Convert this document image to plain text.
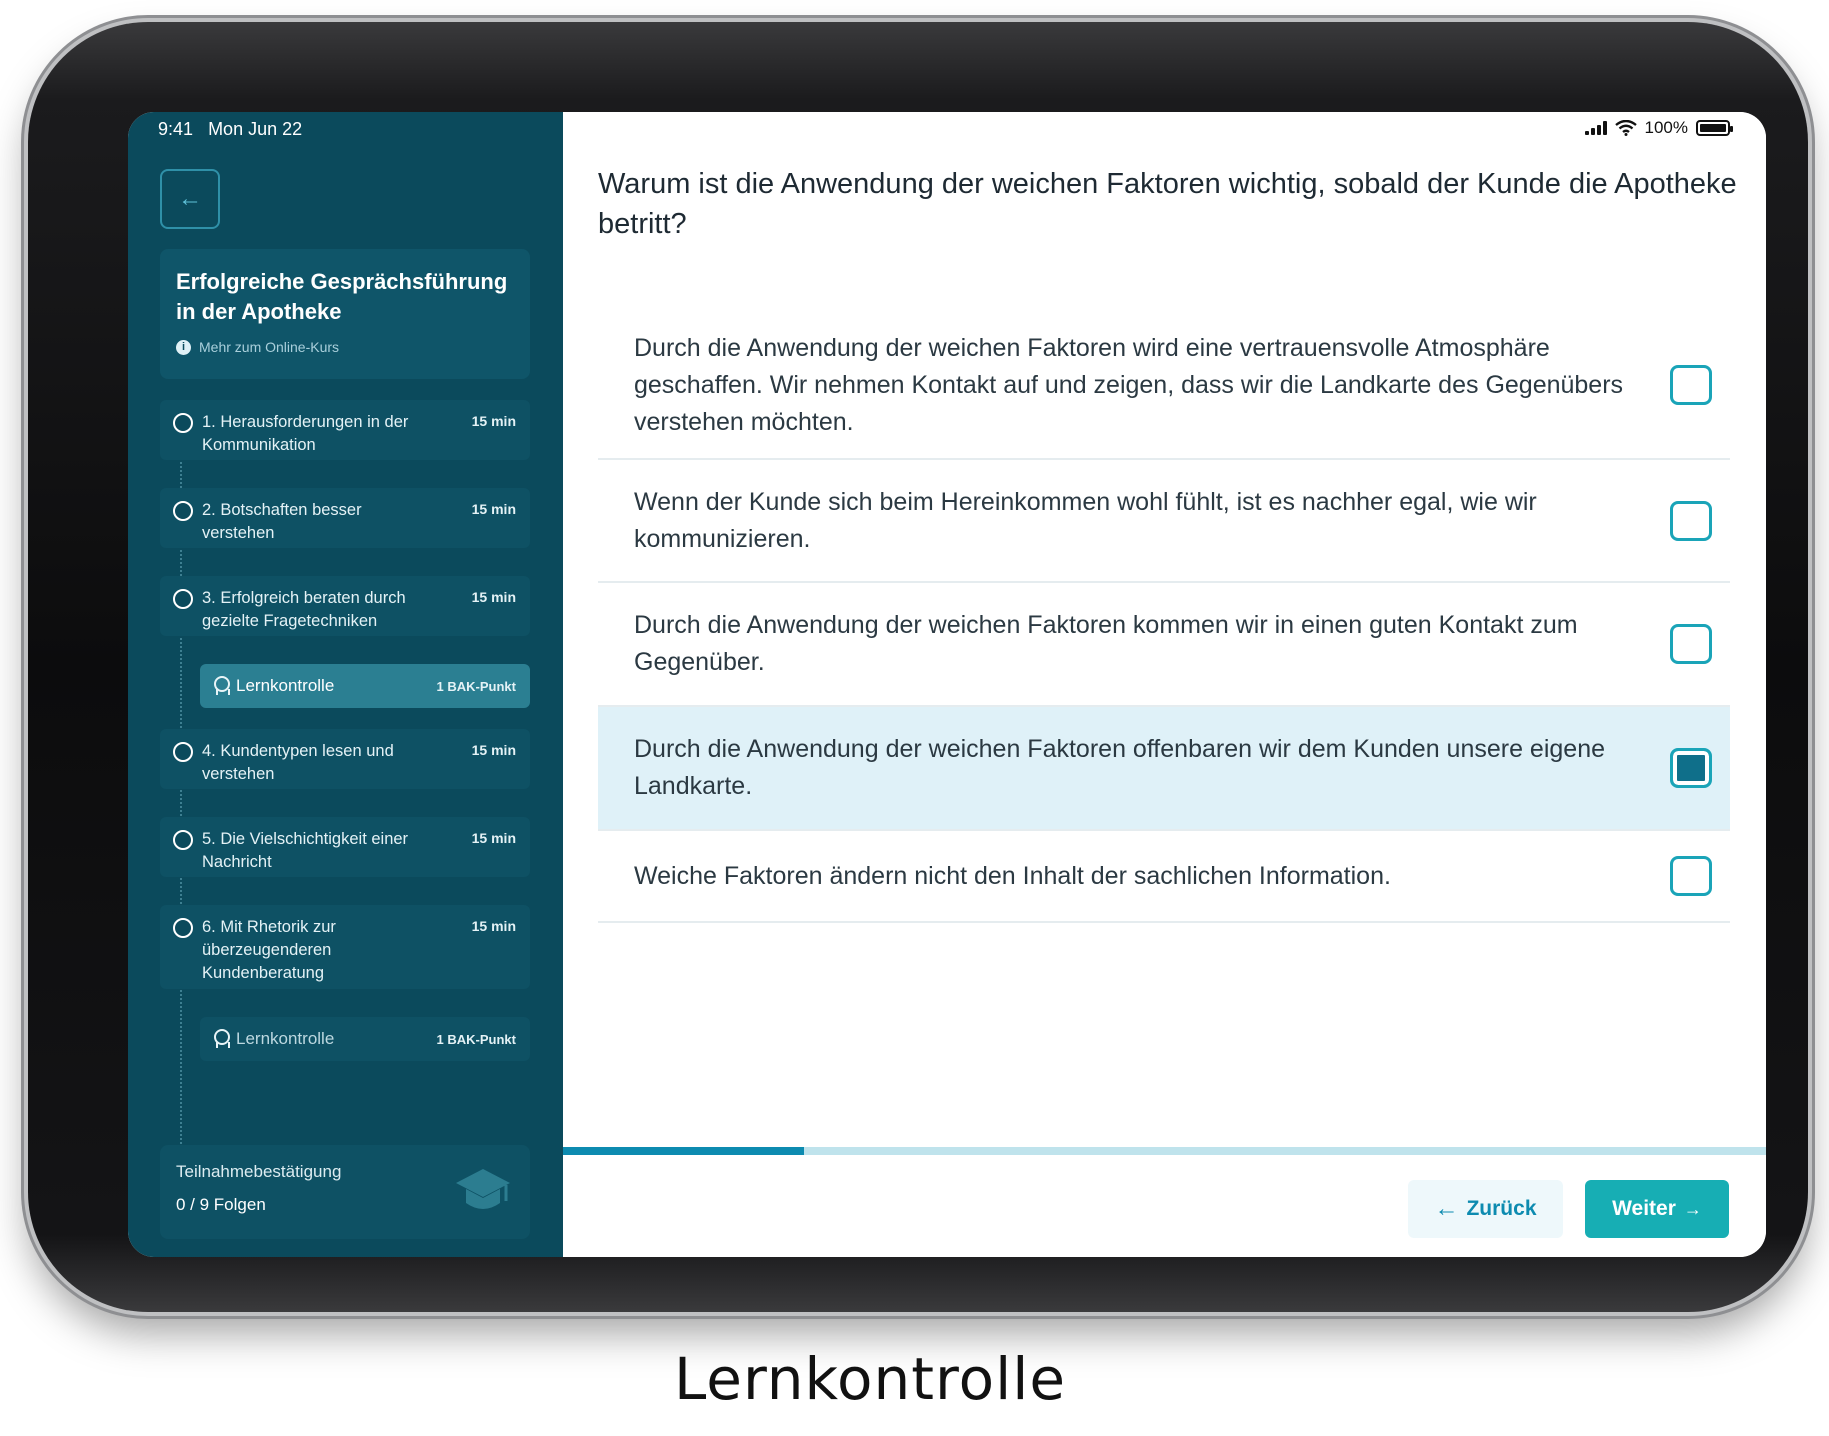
9:41 Mon Jun 22	100%
←
Erfolgreiche Gesprächsführung in der Apotheke
i Mehr zum Online-Kurs
1. Herausforderungen in der Kommunikation
15 min
2. Botschaften besser verstehen
15 min
3. Erfolgreich beraten durch gezielte Fragetechniken
15 min
Lernkontrolle	1 BAK-Punkt
4. Kundentypen lesen und verstehen
15 min
5. Die Vielschichtigkeit einer Nachricht
15 min
6. Mit Rhetorik zur überzeugenderen Kundenberatung
15 min
Lernkontrolle	1 BAK-Punkt
Teilnahmebestätigung
0 / 9 Folgen
Warum ist die Anwendung der weichen Faktoren wichtig, sobald der Kunde die Apotheke betritt?
Durch die Anwendung der weichen Faktoren wird eine vertrauensvolle Atmosphäre geschaffen. Wir nehmen Kontakt auf und zeigen, dass wir die Landkarte des Gegenübers verstehen möchten.
Wenn der Kunde sich beim Hereinkommen wohl fühlt, ist es nachher egal, wie wir kommunizieren.
Durch die Anwendung der weichen Faktoren kommen wir in einen guten Kontakt zum Gegenüber.
Durch die Anwendung der weichen Faktoren offenbaren wir dem Kunden unsere eigene Landkarte.
Weiche Faktoren ändern nicht den Inhalt der sachlichen Information.
← Zurück	Weiter →
Lernkontrolle
